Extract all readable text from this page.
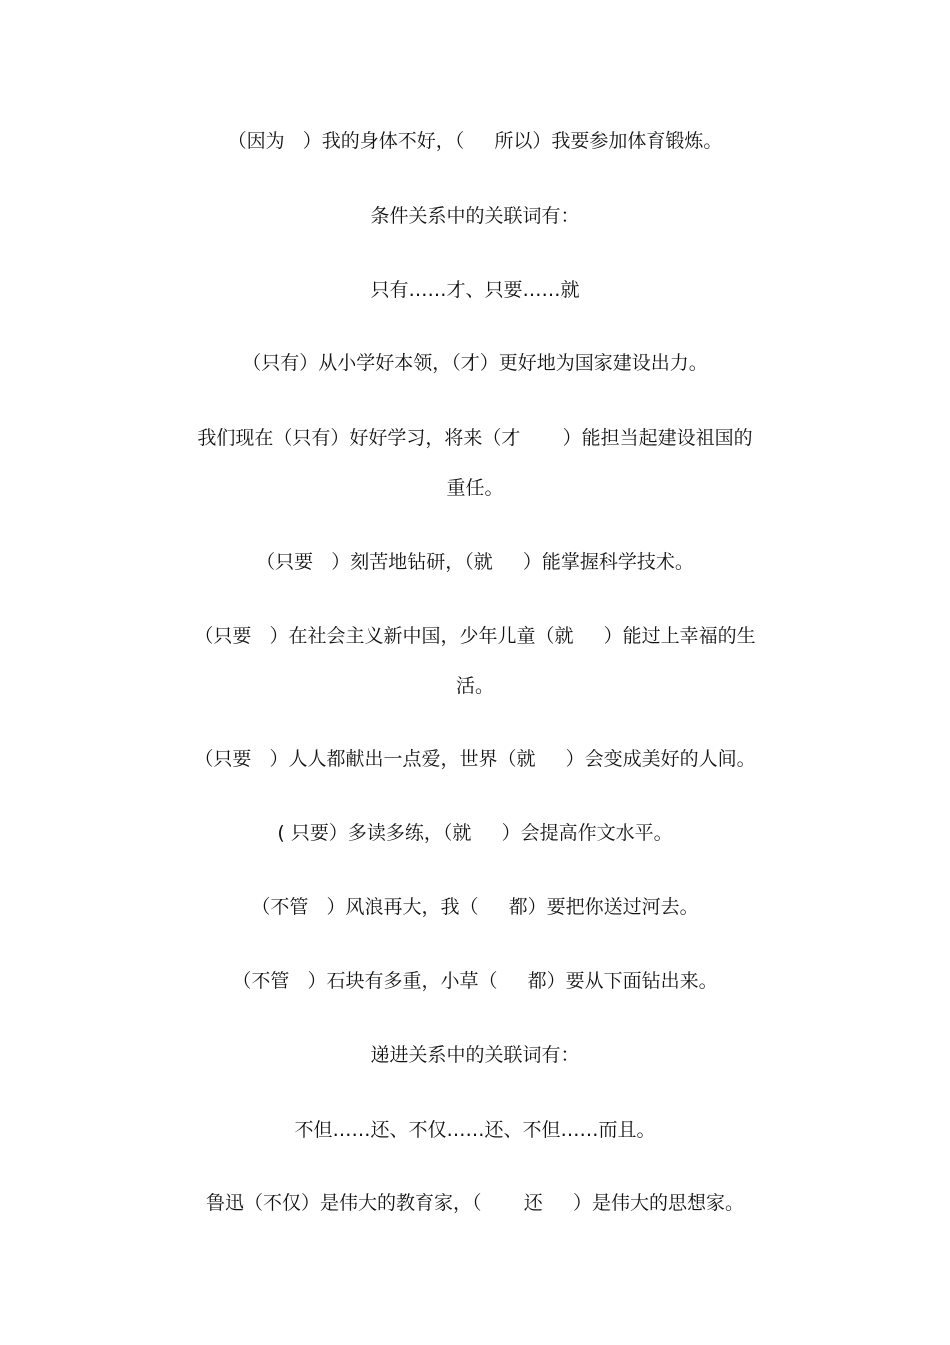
（因为   ）我的身体不好，（     所以）我要参加体育锻炼。
条件关系中的关联词有：
只有……才、只要……就
（只有）从小学好本领，（才）更好地为国家建设出力。
我们现在（只有）好好学习，将来（才       ）能担当起建设祖国的
重任。
（只要   ）刻苦地钻研，（就     ）能掌握科学技术。
（只要   ）在社会主义新中国，少年儿童（就     ）能过上幸福的生
活。
（只要   ）人人都献出一点爱，世界（就     ）会变成美好的人间。
( 只要）多读多练，（就     ）会提高作文水平。
（不管   ）风浪再大，我（     都）要把你送过河去。
（不管   ）石块有多重，小草（     都）要从下面钻出来。
递进关系中的关联词有：
不但……还、不仅……还、不但……而且。
鲁迅（不仅）是伟大的教育家，（       还     ）是伟大的思想家。
